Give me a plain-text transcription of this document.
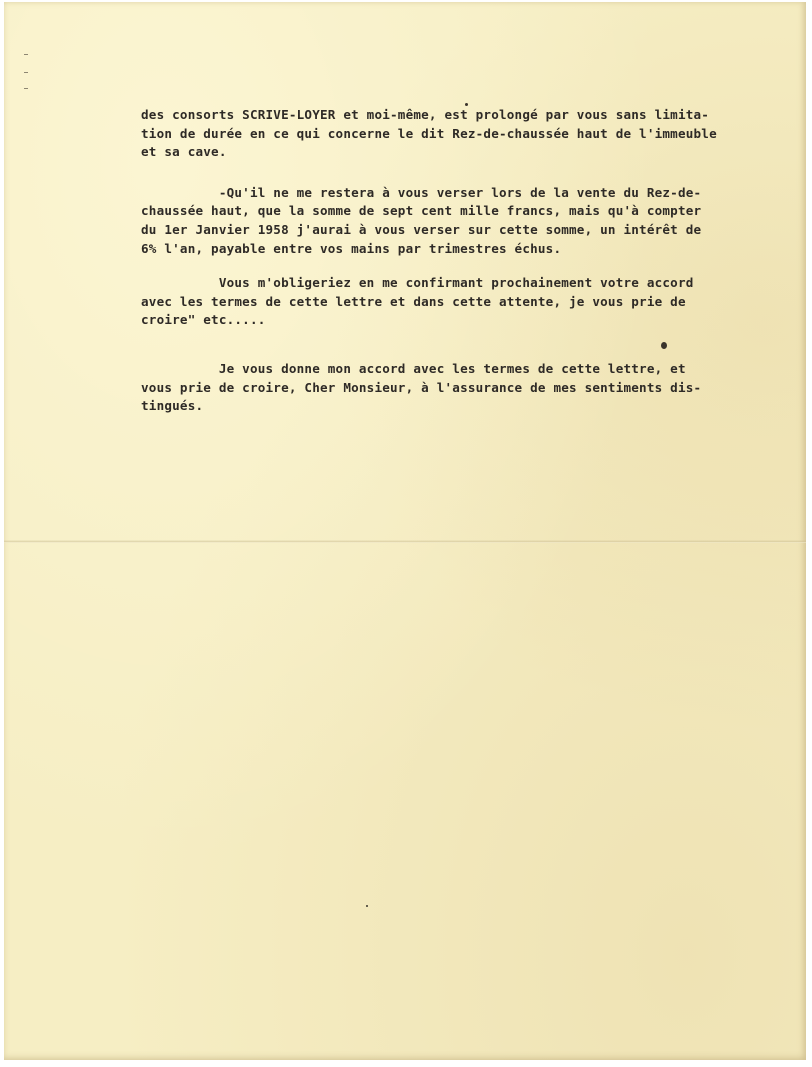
des consorts SCRIVE-LOYER et moi-même, est prolongé par vous sans limita-
tion de durée en ce qui concerne le dit Rez-de-chaussée haut de l'immeuble
et sa cave.
-Qu'il ne me restera à vous verser lors de la vente du Rez-de-
chaussée haut, que la somme de sept cent mille francs, mais qu'à compter
du 1er Janvier 1958 j'aurai à vous verser sur cette somme, un intérêt de
6% l'an, payable entre vos mains par trimestres échus.
Vous m'obligeriez en me confirmant prochainement votre accord
avec les termes de cette lettre et dans cette attente, je vous prie de
croire" etc.....
Je vous donne mon accord avec les termes de cette lettre, et
vous prie de croire, Cher Monsieur, à l'assurance de mes sentiments dis-
tingués.
